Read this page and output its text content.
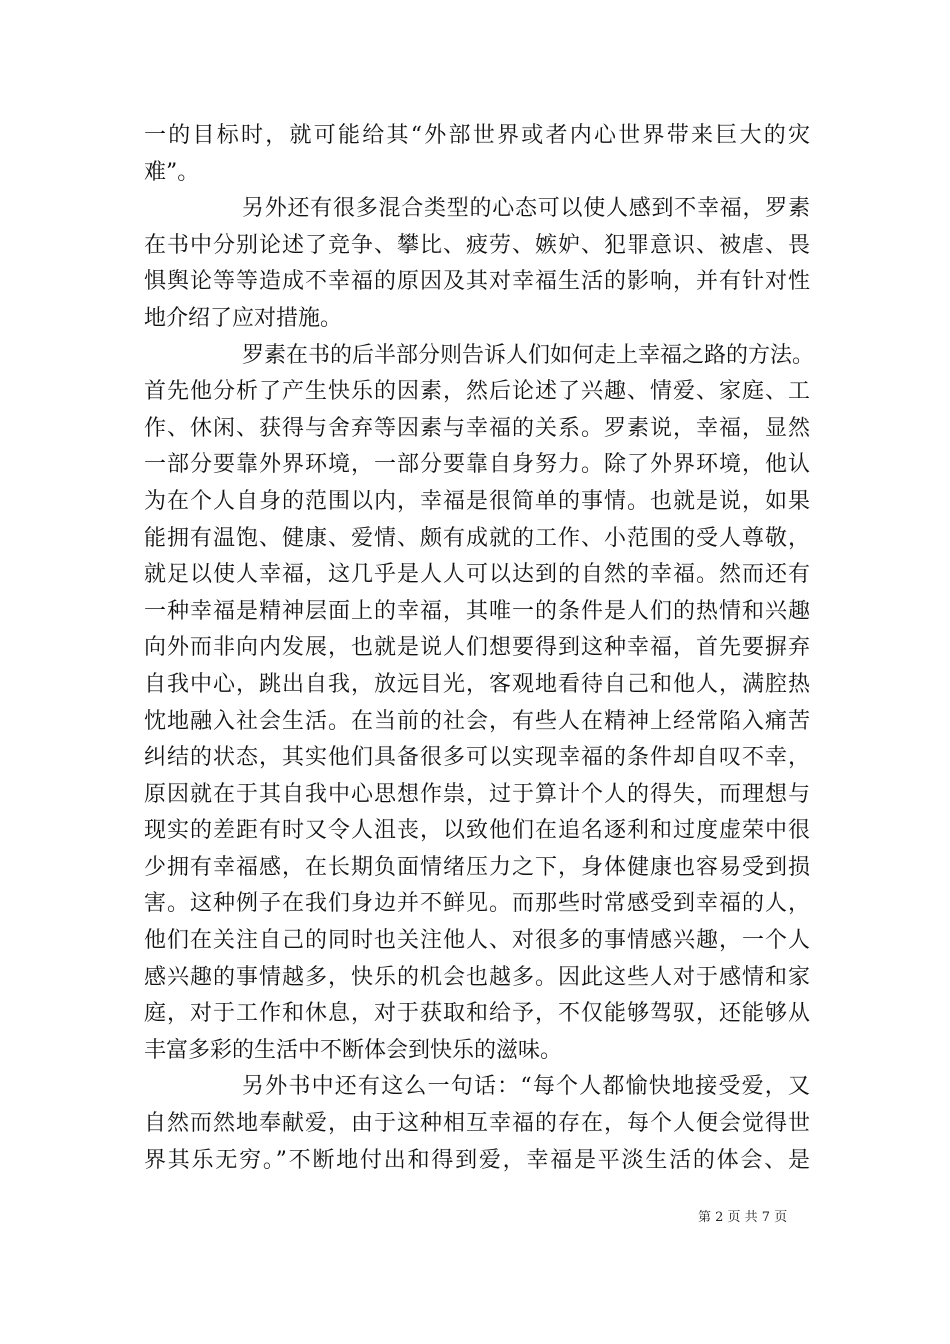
一的目标时，就可能给其“外部世界或者内心世界带来巨大的灾
难”。
另外还有很多混合类型的心态可以使人感到不幸福，罗素
在书中分别论述了竞争、攀比、疲劳、嫉妒、犯罪意识、被虐、畏
惧舆论等等造成不幸福的原因及其对幸福生活的影响，并有针对性
地介绍了应对措施。
罗素在书的后半部分则告诉人们如何走上幸福之路的方法。
首先他分析了产生快乐的因素，然后论述了兴趣、情爱、家庭、工
作、休闲、获得与舍弃等因素与幸福的关系。罗素说，幸福，显然
一部分要靠外界环境，一部分要靠自身努力。除了外界环境，他认
为在个人自身的范围以内，幸福是很简单的事情。也就是说，如果
能拥有温饱、健康、爱情、颇有成就的工作、小范围的受人尊敬，
就足以使人幸福，这几乎是人人可以达到的自然的幸福。然而还有
一种幸福是精神层面上的幸福，其唯一的条件是人们的热情和兴趣
向外而非向内发展，也就是说人们想要得到这种幸福，首先要摒弃
自我中心，跳出自我，放远目光，客观地看待自己和他人，满腔热
忱地融入社会生活。在当前的社会，有些人在精神上经常陷入痛苦
纠结的状态，其实他们具备很多可以实现幸福的条件却自叹不幸，
原因就在于其自我中心思想作祟，过于算计个人的得失，而理想与
现实的差距有时又令人沮丧，以致他们在追名逐利和过度虚荣中很
少拥有幸福感，在长期负面情绪压力之下，身体健康也容易受到损
害。这种例子在我们身边并不鲜见。而那些时常感受到幸福的人，
他们在关注自己的同时也关注他人、对很多的事情感兴趣，一个人
感兴趣的事情越多，快乐的机会也越多。因此这些人对于感情和家
庭，对于工作和休息，对于获取和给予，不仅能够驾驭，还能够从
丰富多彩的生活中不断体会到快乐的滋味。
另外书中还有这么一句话：“每个人都愉快地接受爱，又
自然而然地奉献爱，由于这种相互幸福的存在，每个人便会觉得世
界其乐无穷。”不断地付出和得到爱，幸福是平淡生活的体会、是
第 2 页 共 7 页
